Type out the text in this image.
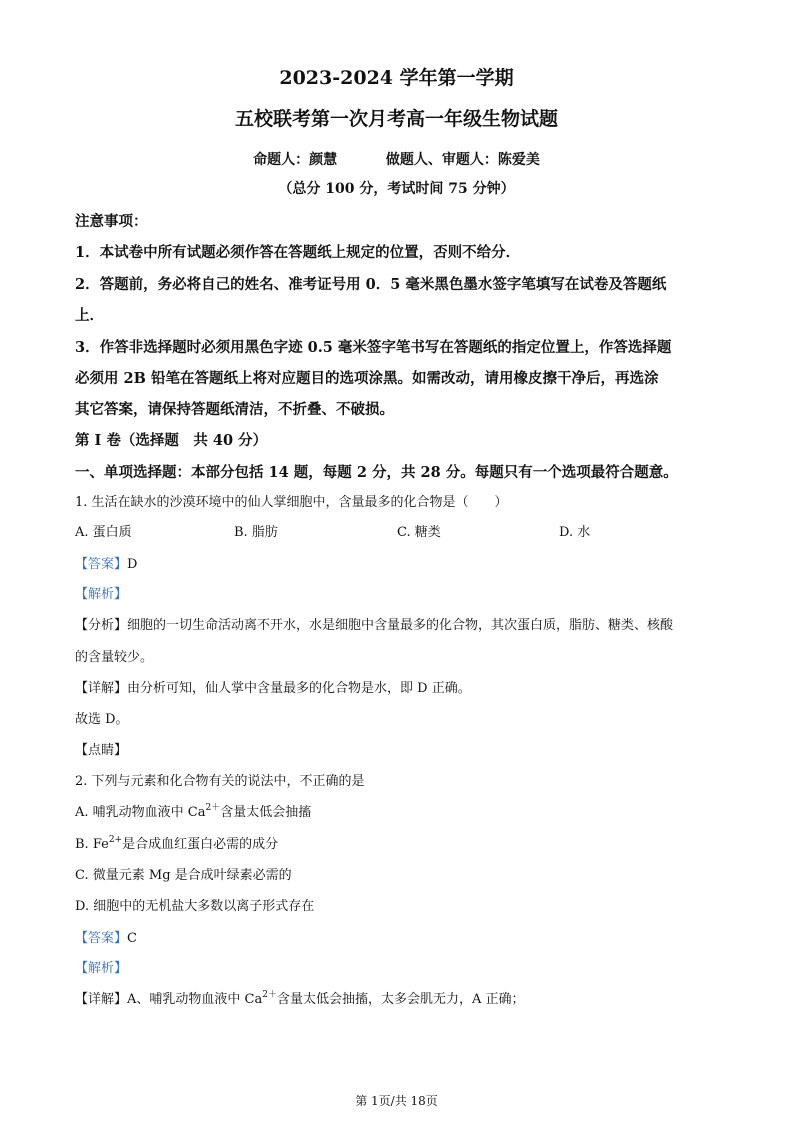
2023-2024 学年第一学期
五校联考第一次月考高一年级生物试题
命题人：颜慧          做题人、审题人：陈爱美
（总分 100 分，考试时间 75 分钟）
注意事项：
1．本试卷中所有试题必须作答在答题纸上规定的位置，否则不给分．
2．答题前，务必将自己的姓名、准考证号用 0．5 毫米黑色墨水签字笔填写在试卷及答题纸
上．
3．作答非选择题时必须用黑色字迹 0.5 毫米签字笔书写在答题纸的指定位置上，作答选择题
必须用 2B 铅笔在答题纸上将对应题目的选项涂黑。如需改动，请用橡皮擦干净后，再选涂
其它答案，请保持答题纸清洁，不折叠、不破损。
第 I 卷（选择题　共 40 分）
一、单项选择题：本部分包括 14 题，每题 2 分，共 28 分。每题只有一个选项最符合题意。
1. 生活在缺水的沙漠环境中的仙人掌细胞中，含量最多的化合物是（　　）
A. 蛋白质	B. 脂肪	C. 糖类	D. 水
【答案】D
【解析】
【分析】细胞的一切生命活动离不开水，水是细胞中含量最多的化合物，其次蛋白质，脂肪、糖类、核酸
的含量较少。
【详解】由分析可知，仙人掌中含量最多的化合物是水，即 D 正确。
故选 D。
【点睛】
2. 下列与元素和化合物有关的说法中，不正确的是
A. 哺乳动物血液中 $Ca^{2+}$含量太低会抽搐
B. $Fe^{2+}$是合成血红蛋白必需的成分
C. 微量元素 Mg 是合成叶绿素必需的
D. 细胞中的无机盐大多数以离子形式存在
【答案】C
【解析】
【详解】A、哺乳动物血液中 $Ca^{2+}$含量太低会抽搐，太多会肌无力，A 正确；
第 1页/共 18页
